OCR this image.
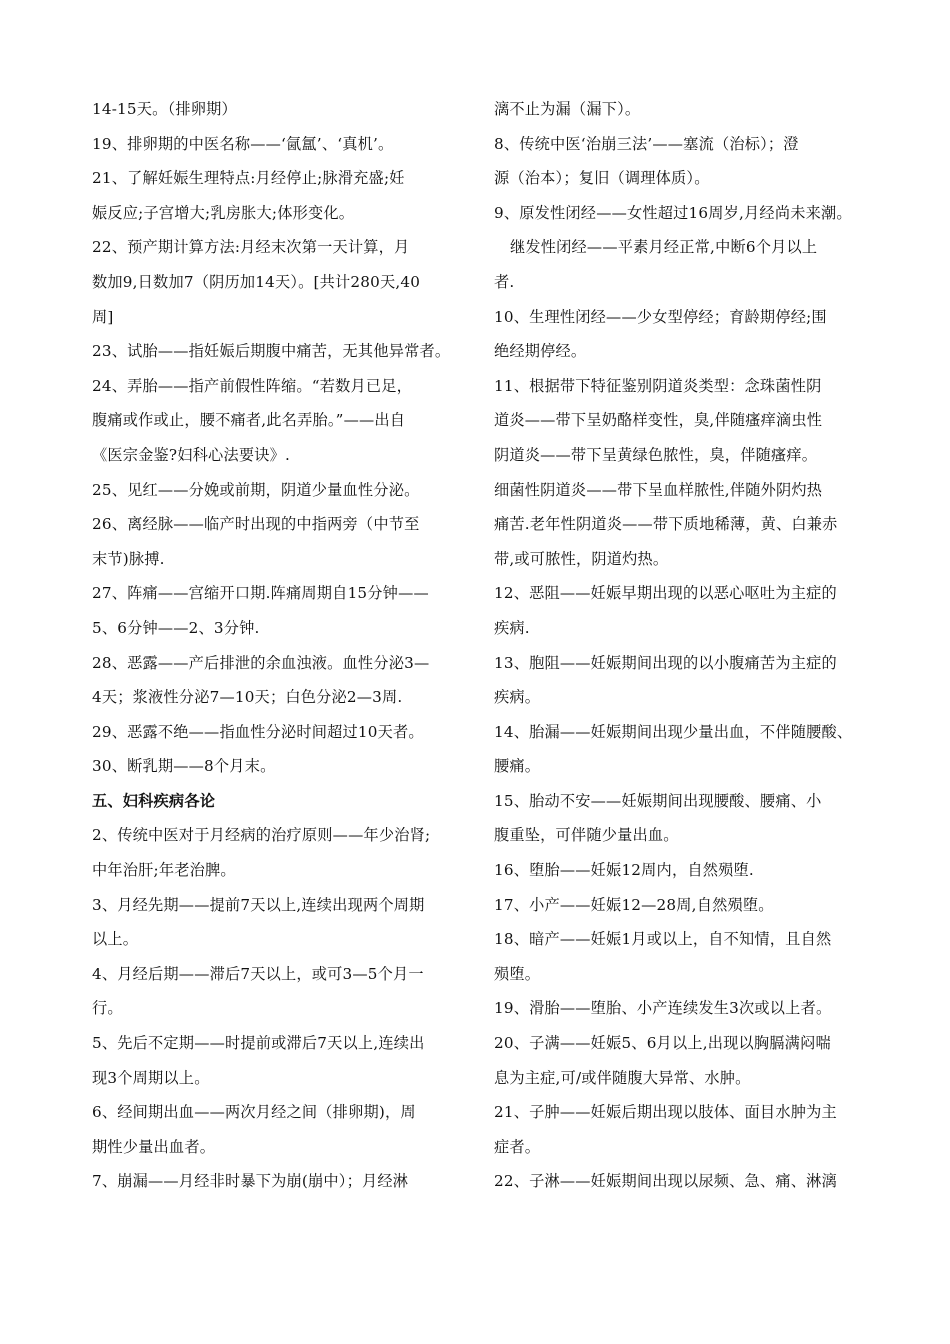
14-15天。（排卵期）
19、排卵期的中医名称——‘氤氲’、‘真机’。
21、了解妊娠生理特点:月经停止;脉滑充盛;妊
娠反应;子宫增大;乳房胀大;体形变化。
22、预产期计算方法:月经末次第一天计算，月
数加9,日数加7（阴历加14天）。[共计280天,40
周]
23、试胎——指妊娠后期腹中痛苦，无其他异常者。
24、弄胎——指产前假性阵缩。“若数月已足，
腹痛或作或止，腰不痛者,此名弄胎。”——出自
《医宗金鉴?妇科心法要诀》.
25、见红——分娩或前期，阴道少量血性分泌。
26、离经脉——临产时出现的中指两旁（中节至
末节)脉搏.
27、阵痛——宫缩开口期.阵痛周期自15分钟——
5、6分钟——2、3分钟.
28、恶露——产后排泄的余血浊液。血性分泌3—
4天；浆液性分泌7—10天；白色分泌2—3周.
29、恶露不绝——指血性分泌时间超过10天者。
30、断乳期——8个月末。
五、妇科疾病各论
2、传统中医对于月经病的治疗原则——年少治肾;
中年治肝;年老治脾。
3、月经先期——提前7天以上,连续出现两个周期
以上。
4、月经后期——滞后7天以上，或可3—5个月一
行。
5、先后不定期——时提前或滞后7天以上,连续出
现3个周期以上。
6、经间期出血——两次月经之间（排卵期)，周
期性少量出血者。
7、崩漏——月经非时暴下为崩(崩中）；月经淋
漓不止为漏（漏下）。
8、传统中医‘治崩三法’——塞流（治标）；澄
源（治本）；复旧（调理体质）。
9、原发性闭经——女性超过16周岁,月经尚未来潮。
继发性闭经——平素月经正常,中断6个月以上
者.
10、生理性闭经——少女型停经；育龄期停经;围
绝经期停经。
11、根据带下特征鉴别阴道炎类型：念珠菌性阴
道炎——带下呈奶酪样变性，臭,伴随瘙痒滴虫性
阴道炎——带下呈黄绿色脓性，臭，伴随瘙痒。
细菌性阴道炎——带下呈血样脓性,伴随外阴灼热
痛苦.老年性阴道炎——带下质地稀薄，黄、白兼赤
带,或可脓性，阴道灼热。
12、恶阻——妊娠早期出现的以恶心呕吐为主症的
疾病.
13、胞阻——妊娠期间出现的以小腹痛苦为主症的
疾病。
14、胎漏——妊娠期间出现少量出血，不伴随腰酸、
腰痛。
15、胎动不安——妊娠期间出现腰酸、腰痛、小
腹重坠，可伴随少量出血。
16、堕胎——妊娠12周内，自然殒堕.
17、小产——妊娠12—28周,自然殒堕。
18、暗产——妊娠1月或以上，自不知情，且自然
殒堕。
19、滑胎——堕胎、小产连续发生3次或以上者。
20、子满——妊娠5、6月以上,出现以胸膈满闷喘
息为主症,可/或伴随腹大异常、水肿。
21、子肿——妊娠后期出现以肢体、面目水肿为主
症者。
22、子淋——妊娠期间出现以尿频、急、痛、淋漓
